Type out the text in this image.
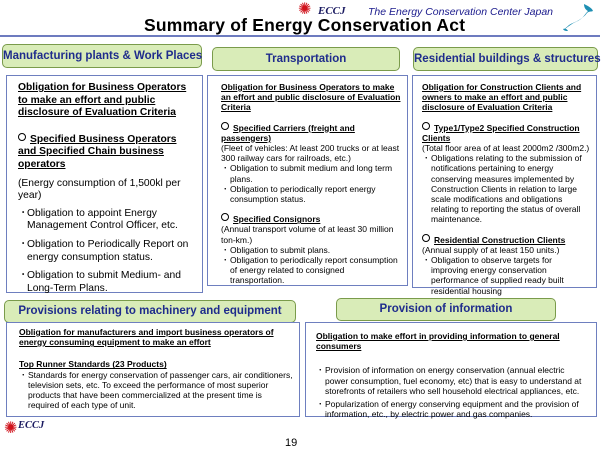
✺ ECCJ The Energy Conservation Center Japan
Summary of Energy Conservation Act
Manufacturing plants & Work Places	Transportation	Residential buildings & structures
Obligation for Business Operators to make an effort and public disclosure of Evaluation Criteria
Specified Business Operators and Specified Chain business operators
(Energy consumption of 1,500kl per year)
・ Obligation to appoint Energy Management Control Officer, etc.
・ Obligation to Periodically Report on energy consumption status.
・ Obligation to submit Medium- and Long-Term Plans.
Obligation for Business Operators to make an effort and public disclosure of Evaluation Criteria
Specified Carriers (freight and passengers)
(Fleet of vehicles: At least 200 trucks or at least 300 railway cars for railroads, etc.)
・ Obligation to submit medium and long term plans.
・ Obligation to periodically report energy consumption status.
Specified Consignors
(Annual transport volume of at least 30 million ton-km.)
・ Obligation to submit plans.
・ Obligation to periodically report consumption of energy related to consigned transportation.
Obligation for Construction Clients and owners to make an effort and public disclosure of Evaluation Criteria
Type1/Type2 Specified Construction Clients
(Total floor area of at least 2000m2 /300m2.)
・ Obligations relating to the submission of notifications pertaining to energy conserving measures implemented by Construction Clients in relation to large scale modifications and obligations relating to reporting the status of overall maintenance.
Residential Construction Clients
(Annual supply of at least 150 units.)
・ Obligation to observe targets for improving energy conservation performance of supplied ready built residential housing
Provisions relating to machinery and equipment	Provision of information
Obligation for manufacturers and import business operators of energy consuming equipment to make an effort
Top Runner Standards (23 Products)
・ Standards for energy conservation of passenger cars, air conditioners, television sets, etc. To exceed the performance of most superior products that have been commercialized at the present time is required of each type of unit.
Obligation to make effort in providing information to general consumers
・ Provision of information on energy conservation (annual electric power consumption, fuel economy, etc) that is easy to understand at storefronts of retailers who sell household electrical appliances, etc.
・ Popularization of energy conserving equipment and the provision of information, etc., by electric power and gas companies.
✺ ECCJ
19
